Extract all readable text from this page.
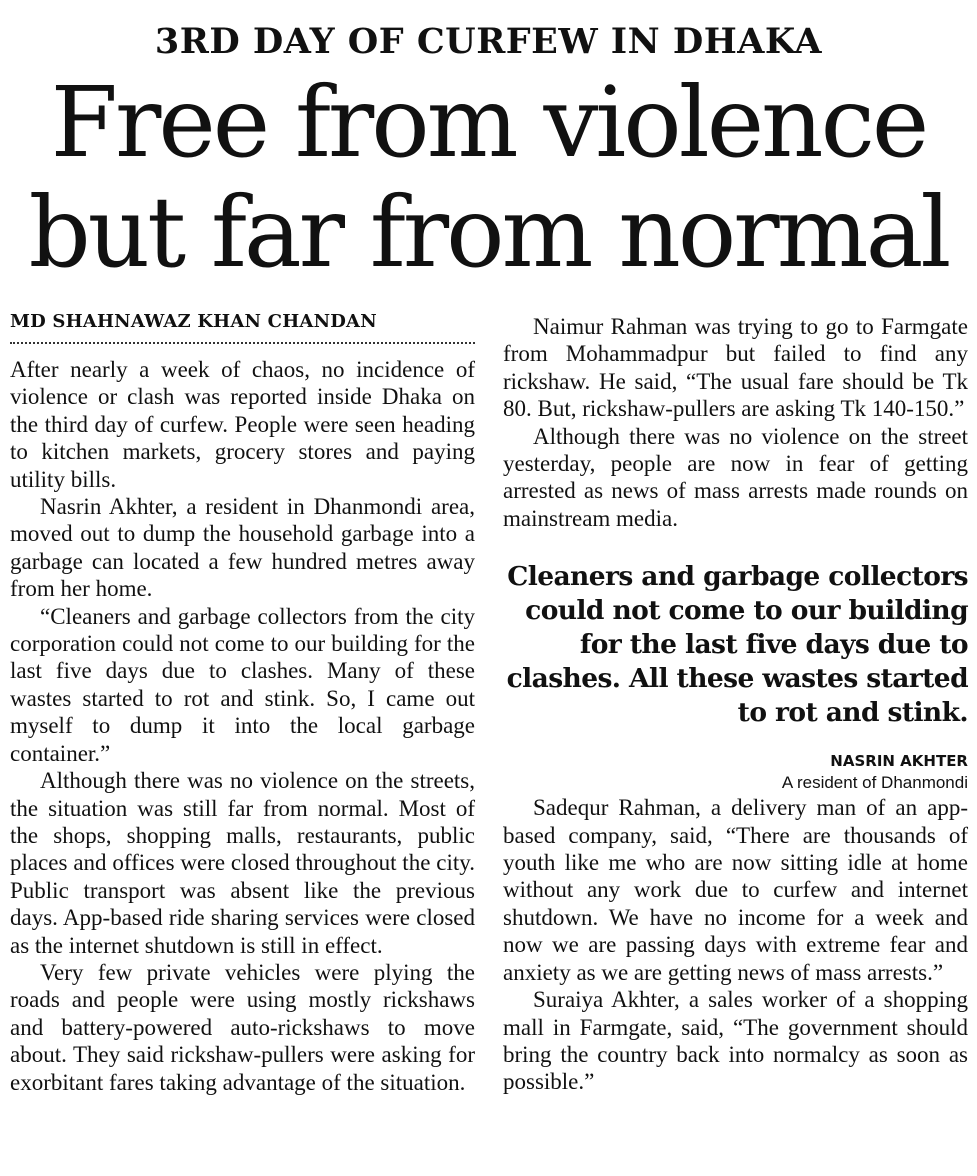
3RD DAY OF CURFEW IN DHAKA
Free from violence
but far from normal
MD SHAHNAWAZ KHAN CHANDAN

After nearly a week of chaos, no incidence of violence or clash was reported inside Dhaka on the third day of curfew. People were seen heading to kitchen markets, grocery stores and paying utility bills.

Nasrin Akhter, a resident in Dhanmondi area, moved out to dump the household garbage into a garbage can located a few hundred metres away from her home.

“Cleaners and garbage collectors from the city corporation could not come to our building for the last five days due to clashes. Many of these wastes started to rot and stink. So, I came out myself to dump it into the local garbage container.”

Although there was no violence on the streets, the situation was still far from normal. Most of the shops, shopping malls, restaurants, public places and offices were closed throughout the city. Public transport was absent like the previous days. App-based ride sharing services were closed as the internet shutdown is still in effect.

Very few private vehicles were plying the roads and people were using mostly rickshaws and battery-powered auto-rickshaws to move about. They said rickshaw-pullers were asking for exorbitant fares taking advantage of the situation.

Naimur Rahman was trying to go to Farmgate from Mohammadpur but failed to find any rickshaw. He said, “The usual fare should be Tk 80. But, rickshaw-pullers are asking Tk 140-150.”

Although there was no violence on the street yesterday, people are now in fear of getting arrested as news of mass arrests made rounds on mainstream media.

Cleaners and garbage collectors could not come to our building for the last five days due to clashes. All these wastes started to rot and stink.
NASRIN AKHTER
A resident of Dhanmondi

Sadequr Rahman, a delivery man of an app-based company, said, “There are thousands of youth like me who are now sitting idle at home without any work due to curfew and internet shutdown. We have no income for a week and now we are passing days with extreme fear and anxiety as we are getting news of mass arrests.”

Suraiya Akhter, a sales worker of a shopping mall in Farmgate, said, “The government should bring the country back into normalcy as soon as possible.”
